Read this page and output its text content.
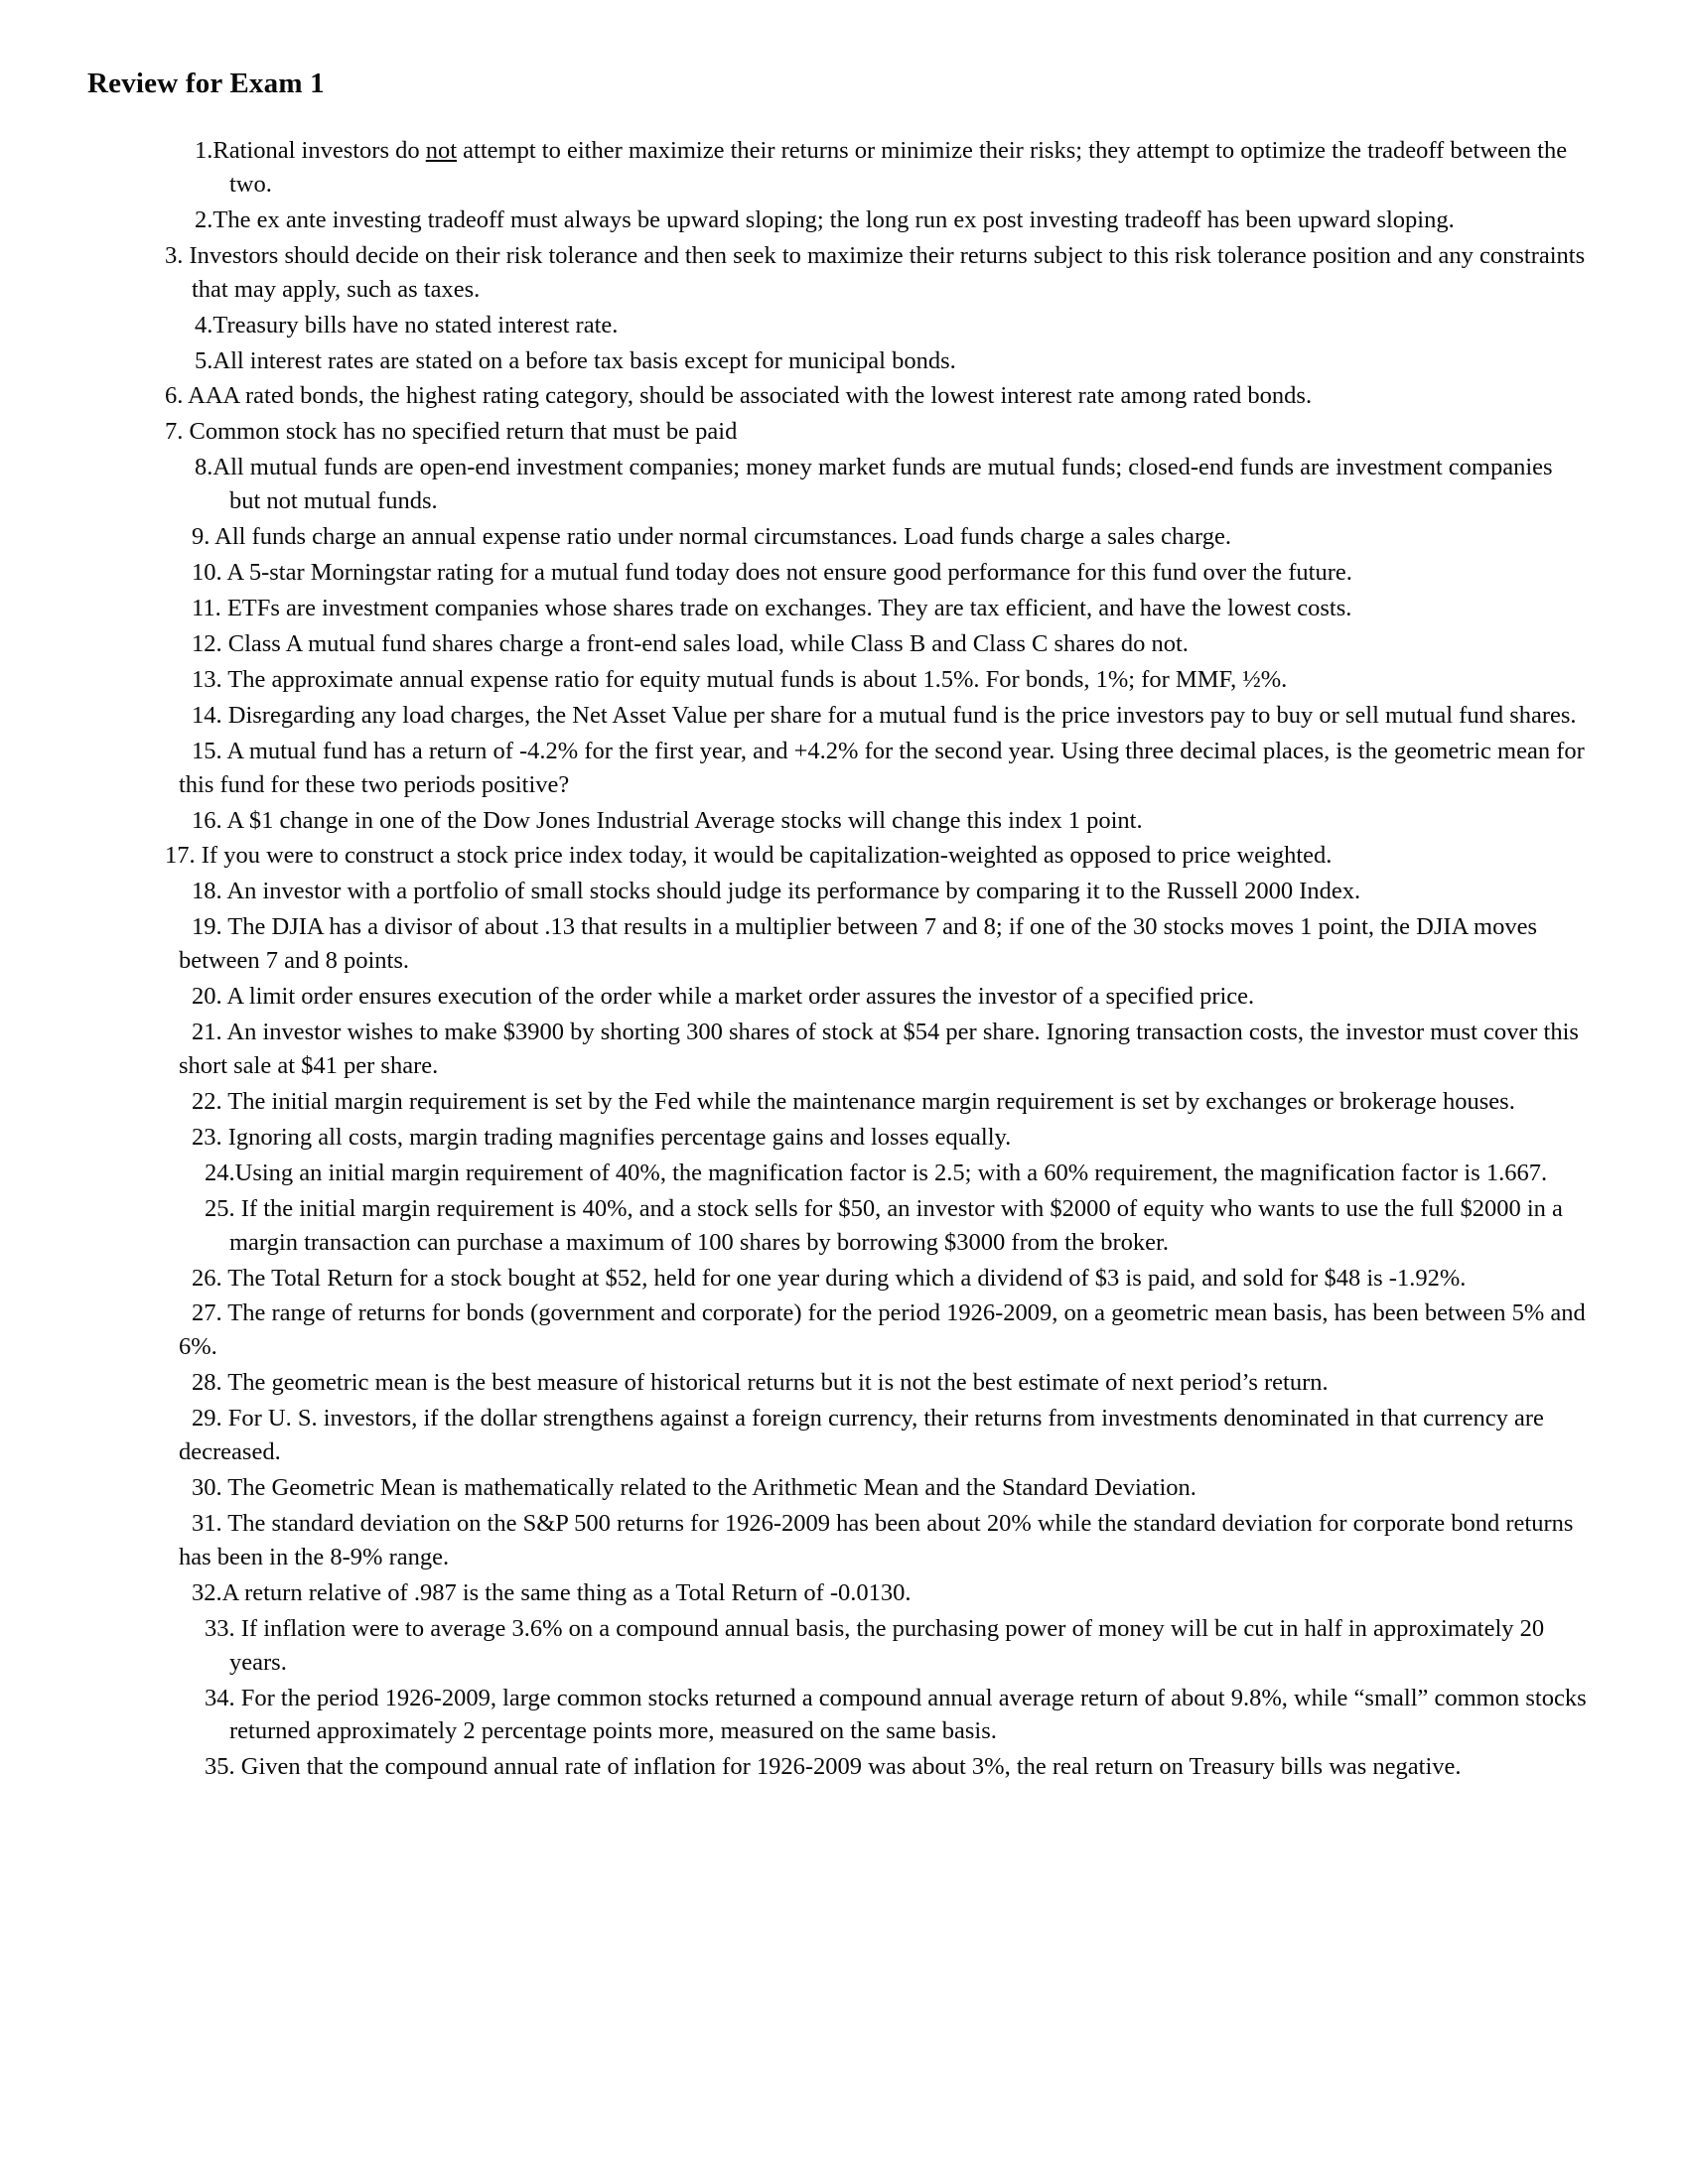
Review for Exam 1
1.Rational investors do not attempt to either maximize their returns or minimize their risks; they attempt to optimize the tradeoff between the two.
2.The ex ante investing tradeoff must always be upward sloping; the long run ex post investing tradeoff has been upward sloping.
3. Investors should decide on their risk tolerance and then seek to maximize their returns subject to this risk tolerance position and any constraints that may apply, such as taxes.
4.Treasury bills have no stated interest rate.
5.All interest rates are stated on a before tax basis except for municipal bonds.
6. AAA rated bonds, the highest rating category, should be associated with the lowest interest rate among rated bonds.
7. Common stock has no specified return that must be paid
8.All mutual funds are open-end investment companies; money market funds are mutual funds; closed-end funds are investment companies but not mutual funds.
9. All funds charge an annual expense ratio under normal circumstances. Load funds charge a sales charge.
10. A 5-star Morningstar rating for a mutual fund today does not ensure good performance for this fund over the future.
11. ETFs are investment companies whose shares trade on exchanges. They are tax efficient, and have the lowest costs.
12. Class A mutual fund shares charge a front-end sales load, while Class B and Class C shares do not.
13. The approximate annual expense ratio for equity mutual funds is about 1.5%. For bonds, 1%; for MMF, ½%.
14. Disregarding any load charges, the Net Asset Value per share for a mutual fund is the price investors pay to buy or sell mutual fund shares.
15. A mutual fund has a return of -4.2% for the first year, and +4.2% for the second year. Using three decimal places, is the geometric mean for this fund for these two periods positive?
16. A $1 change in one of the Dow Jones Industrial Average stocks will change this index 1 point.
17. If you were to construct a stock price index today, it would be capitalization-weighted as opposed to price weighted.
18. An investor with a portfolio of small stocks should judge its performance by comparing it to the Russell 2000 Index.
19. The DJIA has a divisor of about .13 that results in a multiplier between 7 and 8; if one of the 30 stocks moves 1 point, the DJIA moves between 7 and 8 points.
20. A limit order ensures execution of the order while a market order assures the investor of a specified price.
21. An investor wishes to make $3900 by shorting 300 shares of stock at $54 per share. Ignoring transaction costs, the investor must cover this short sale at $41 per share.
22. The initial margin requirement is set by the Fed while the maintenance margin requirement is set by exchanges or brokerage houses.
23. Ignoring all costs, margin trading magnifies percentage gains and losses equally.
24.Using an initial margin requirement of 40%, the magnification factor is 2.5; with a 60% requirement, the magnification factor is 1.667.
25. If the initial margin requirement is 40%, and a stock sells for $50, an investor with $2000 of equity who wants to use the full $2000 in a margin transaction can purchase a maximum of 100 shares by borrowing $3000 from the broker.
26. The Total Return for a stock bought at $52, held for one year during which a dividend of $3 is paid, and sold for $48 is -1.92%.
27. The range of returns for bonds (government and corporate) for the period 1926-2009, on a geometric mean basis, has been between 5% and 6%.
28. The geometric mean is the best measure of historical returns but it is not the best estimate of next period’s return.
29. For U. S. investors, if the dollar strengthens against a foreign currency, their returns from investments denominated in that currency are decreased.
30. The Geometric Mean is mathematically related to the Arithmetic Mean and the Standard Deviation.
31. The standard deviation on the S&P 500 returns for 1926-2009 has been about 20% while the standard deviation for corporate bond returns has been in the 8-9% range.
32.A return relative of .987 is the same thing as a Total Return of -0.0130.
33. If inflation were to average 3.6% on a compound annual basis, the purchasing power of money will be cut in half in approximately 20 years.
34. For the period 1926-2009, large common stocks returned a compound annual average return of about 9.8%, while “small” common stocks returned approximately 2 percentage points more, measured on the same basis.
35. Given that the compound annual rate of inflation for 1926-2009 was about 3%, the real return on Treasury bills was negative.
